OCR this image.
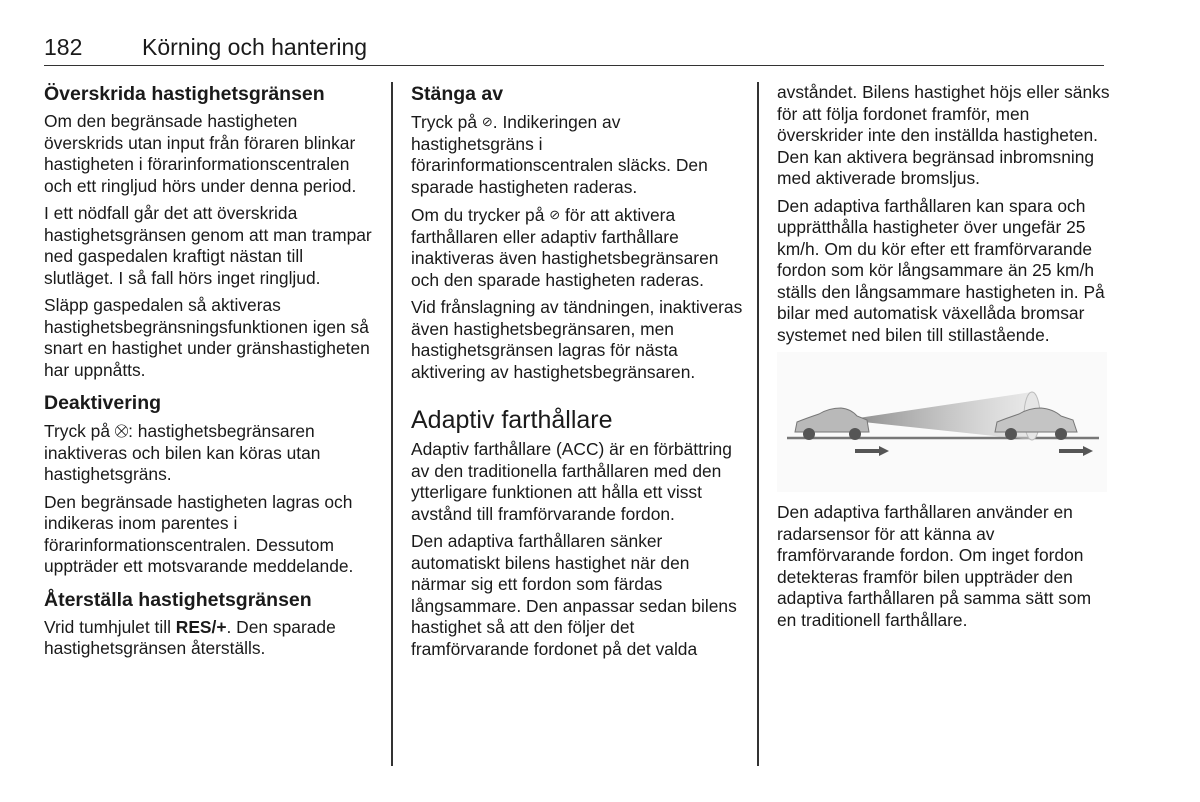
182	Körning och hantering
Överskrida hastighetsgränsen

Om den begränsade hastigheten överskrids utan input från föraren blinkar hastigheten i förarinformationscentralen och ett ringljud hörs under denna period.

I ett nödfall går det att överskrida hastighetsgränsen genom att man trampar ned gaspedalen kraftigt nästan till slutläget. I så fall hörs inget ringljud.

Släpp gaspedalen så aktiveras hastighetsbegränsningsfunktionen igen så snart en hastighet under gränshastigheten har uppnåtts.

Deaktivering

Tryck på ⛒: hastighetsbegränsaren inaktiveras och bilen kan köras utan hastighetsgräns.

Den begränsade hastigheten lagras och indikeras inom parentes i förarinformationscentralen. Dessutom uppträder ett motsvarande meddelande.

Återställa hastighetsgränsen

Vrid tumhjulet till RES/+. Den sparade hastighetsgränsen återställs.

Stänga av

Tryck på ⊘. Indikeringen av hastighetsgräns i förarinformationscentralen släcks. Den sparade hastigheten raderas.

Om du trycker på ⊘ för att aktivera farthållaren eller adaptiv farthållare inaktiveras även hastighetsbegränsaren och den sparade hastigheten raderas.

Vid frånslagning av tändningen, inaktiveras även hastighetsbegränsaren, men hastighetsgränsen lagras för nästa aktivering av hastighetsbegränsaren.

Adaptiv farthållare

Adaptiv farthållare (ACC) är en förbättring av den traditionella farthållaren med den ytterligare funktionen att hålla ett visst avstånd till framförvarande fordon.

Den adaptiva farthållaren sänker automatiskt bilens hastighet när den närmar sig ett fordon som färdas långsammare. Den anpassar sedan bilens hastighet så att den följer det framförvarande fordonet på det valda

avståndet. Bilens hastighet höjs eller sänks för att följa fordonet framför, men överskrider inte den inställda hastigheten. Den kan aktivera begränsad inbromsning med aktiverade bromsljus.

Den adaptiva farthållaren kan spara och upprätthålla hastigheter över ungefär 25 km/h. Om du kör efter ett framförvarande fordon som kör långsammare än 25 km/h ställs den långsammare hastigheten in. På bilar med automatisk växellåda bromsar systemet ned bilen till stillastående.

Den adaptiva farthållaren använder en radarsensor för att känna av framförvarande fordon. Om inget fordon detekteras framför bilen uppträder den adaptiva farthållaren på samma sätt som en traditionell farthållare.
